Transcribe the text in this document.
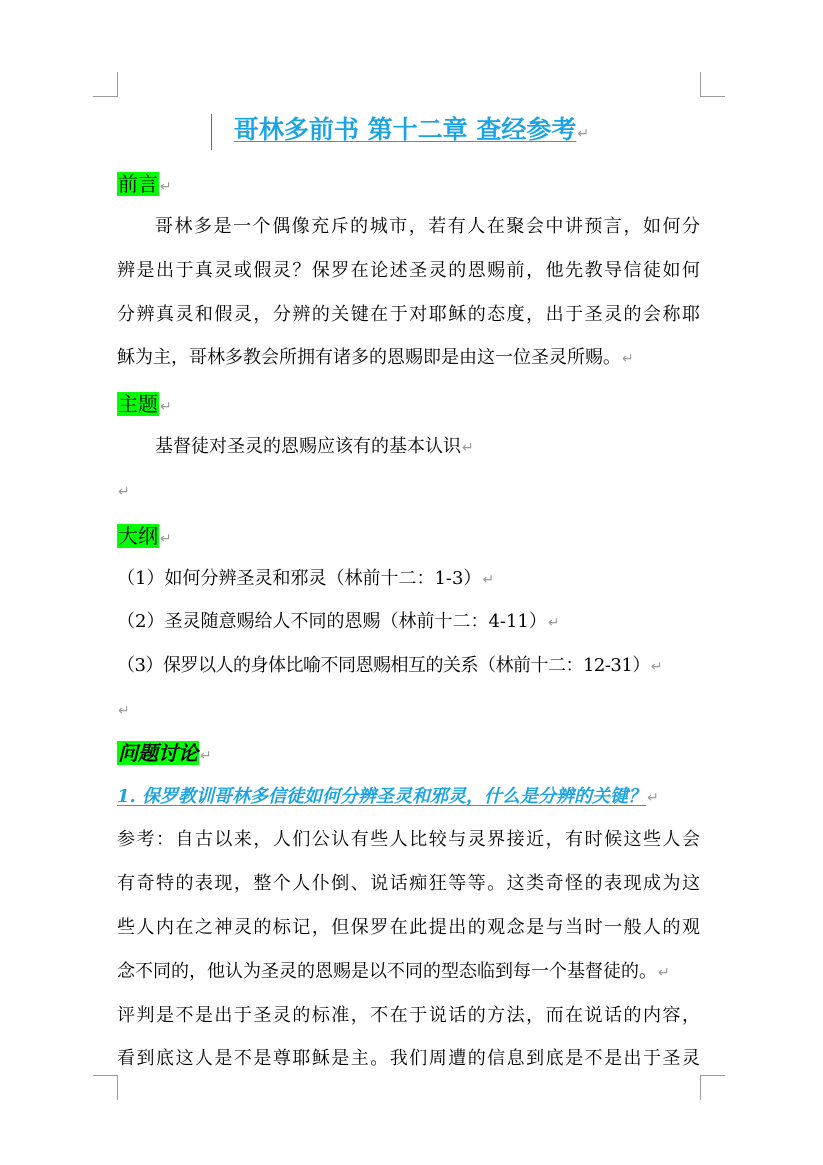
哥林多前书 第十二章 查经参考↵
前言 ↵
哥林多是一个偶像充斥的城市，若有人在聚会中讲预言，如何分
辨是出于真灵或假灵？保罗在论述圣灵的恩赐前，他先教导信徒如何
分辨真灵和假灵，分辨的关键在于对耶稣的态度，出于圣灵的会称耶
稣为主，哥林多教会所拥有诸多的恩赐即是由这一位圣灵所赐。↵
主题 ↵
基督徒对圣灵的恩赐应该有的基本认识↵
↵
大纲 ↵
（1）如何分辨圣灵和邪灵（林前十二：1-3）↵
（2）圣灵随意赐给人不同的恩赐（林前十二：4-11）↵
（3）保罗以人的身体比喻不同恩赐相互的关系（林前十二：12-31）↵
↵
问题讨论 ↵
1. 保罗教训哥林多信徒如何分辨圣灵和邪灵，什么是分辨的关键？↵
参考：自古以来，人们公认有些人比较与灵界接近，有时候这些人会
有奇特的表现，整个人仆倒、说话痴狂等等。这类奇怪的表现成为这
些人内在之神灵的标记，但保罗在此提出的观念是与当时一般人的观
念不同的，他认为圣灵的恩赐是以不同的型态临到每一个基督徒的。↵
评判是不是出于圣灵的标准，不在于说话的方法，而在说话的内容，
看到底这人是不是尊耶稣是主。我们周遭的信息到底是不是出于圣灵
